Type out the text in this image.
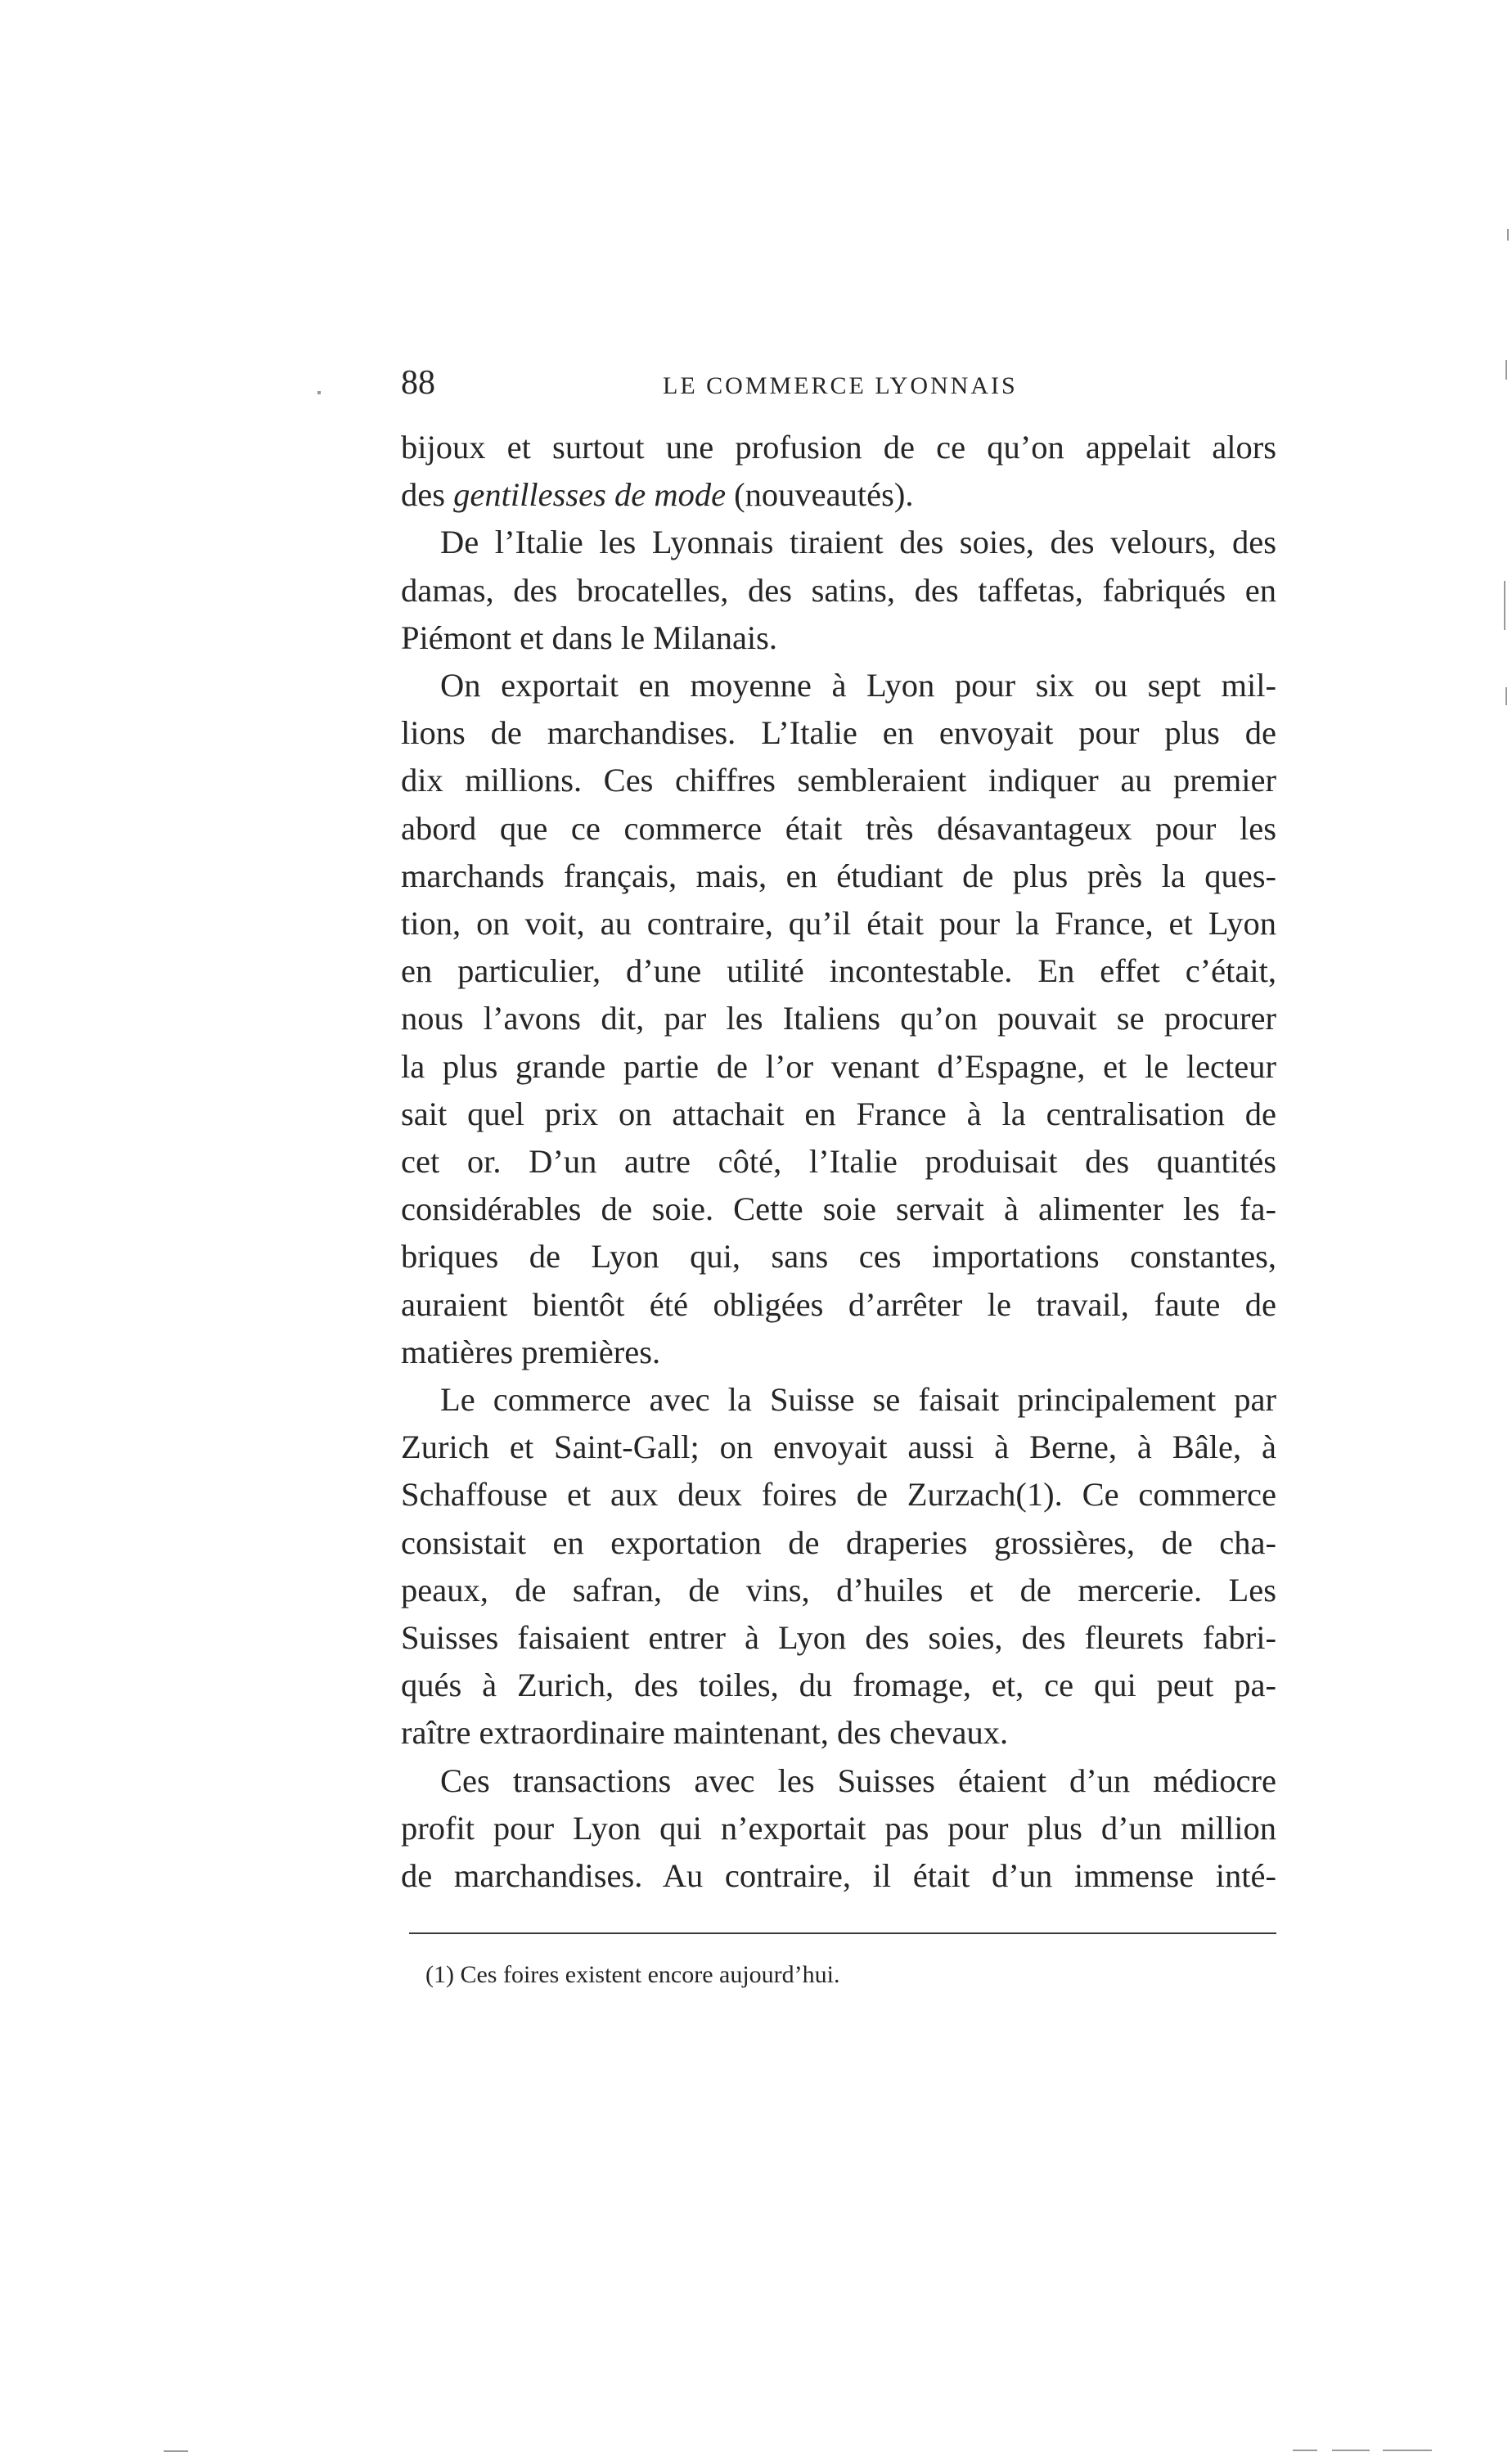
88	LE COMMERCE LYONNAIS
bijoux et surtout une profusion de ce qu’on appelait alors
des gentillesses de mode (nouveautés).
De l’Italie les Lyonnais tiraient des soies, des velours, des
damas, des brocatelles, des satins, des taffetas, fabriqués en
Piémont et dans le Milanais.
On exportait en moyenne à Lyon pour six ou sept mil-
lions de marchandises. L’Italie en envoyait pour plus de
dix millions. Ces chiffres sembleraient indiquer au premier
abord que ce commerce était très désavantageux pour les
marchands français, mais, en étudiant de plus près la ques-
tion, on voit, au contraire, qu’il était pour la France, et Lyon
en particulier, d’une utilité incontestable. En effet c’était,
nous l’avons dit, par les Italiens qu’on pouvait se procurer
la plus grande partie de l’or venant d’Espagne, et le lecteur
sait quel prix on attachait en France à la centralisation de
cet or. D’un autre côté, l’Italie produisait des quantités
considérables de soie. Cette soie servait à alimenter les fa-
briques de Lyon qui, sans ces importations constantes,
auraient bientôt été obligées d’arrêter le travail, faute de
matières premières.
Le commerce avec la Suisse se faisait principalement par
Zurich et Saint-Gall; on envoyait aussi à Berne, à Bâle, à
Schaffouse et aux deux foires de Zurzach(1). Ce commerce
consistait en exportation de draperies grossières, de cha-
peaux, de safran, de vins, d’huiles et de mercerie. Les
Suisses faisaient entrer à Lyon des soies, des fleurets fabri-
qués à Zurich, des toiles, du fromage, et, ce qui peut pa-
raître extraordinaire maintenant, des chevaux.
Ces transactions avec les Suisses étaient d’un médiocre
profit pour Lyon qui n’exportait pas pour plus d’un million
de marchandises. Au contraire, il était d’un immense inté-
(1) Ces foires existent encore aujourd’hui.
